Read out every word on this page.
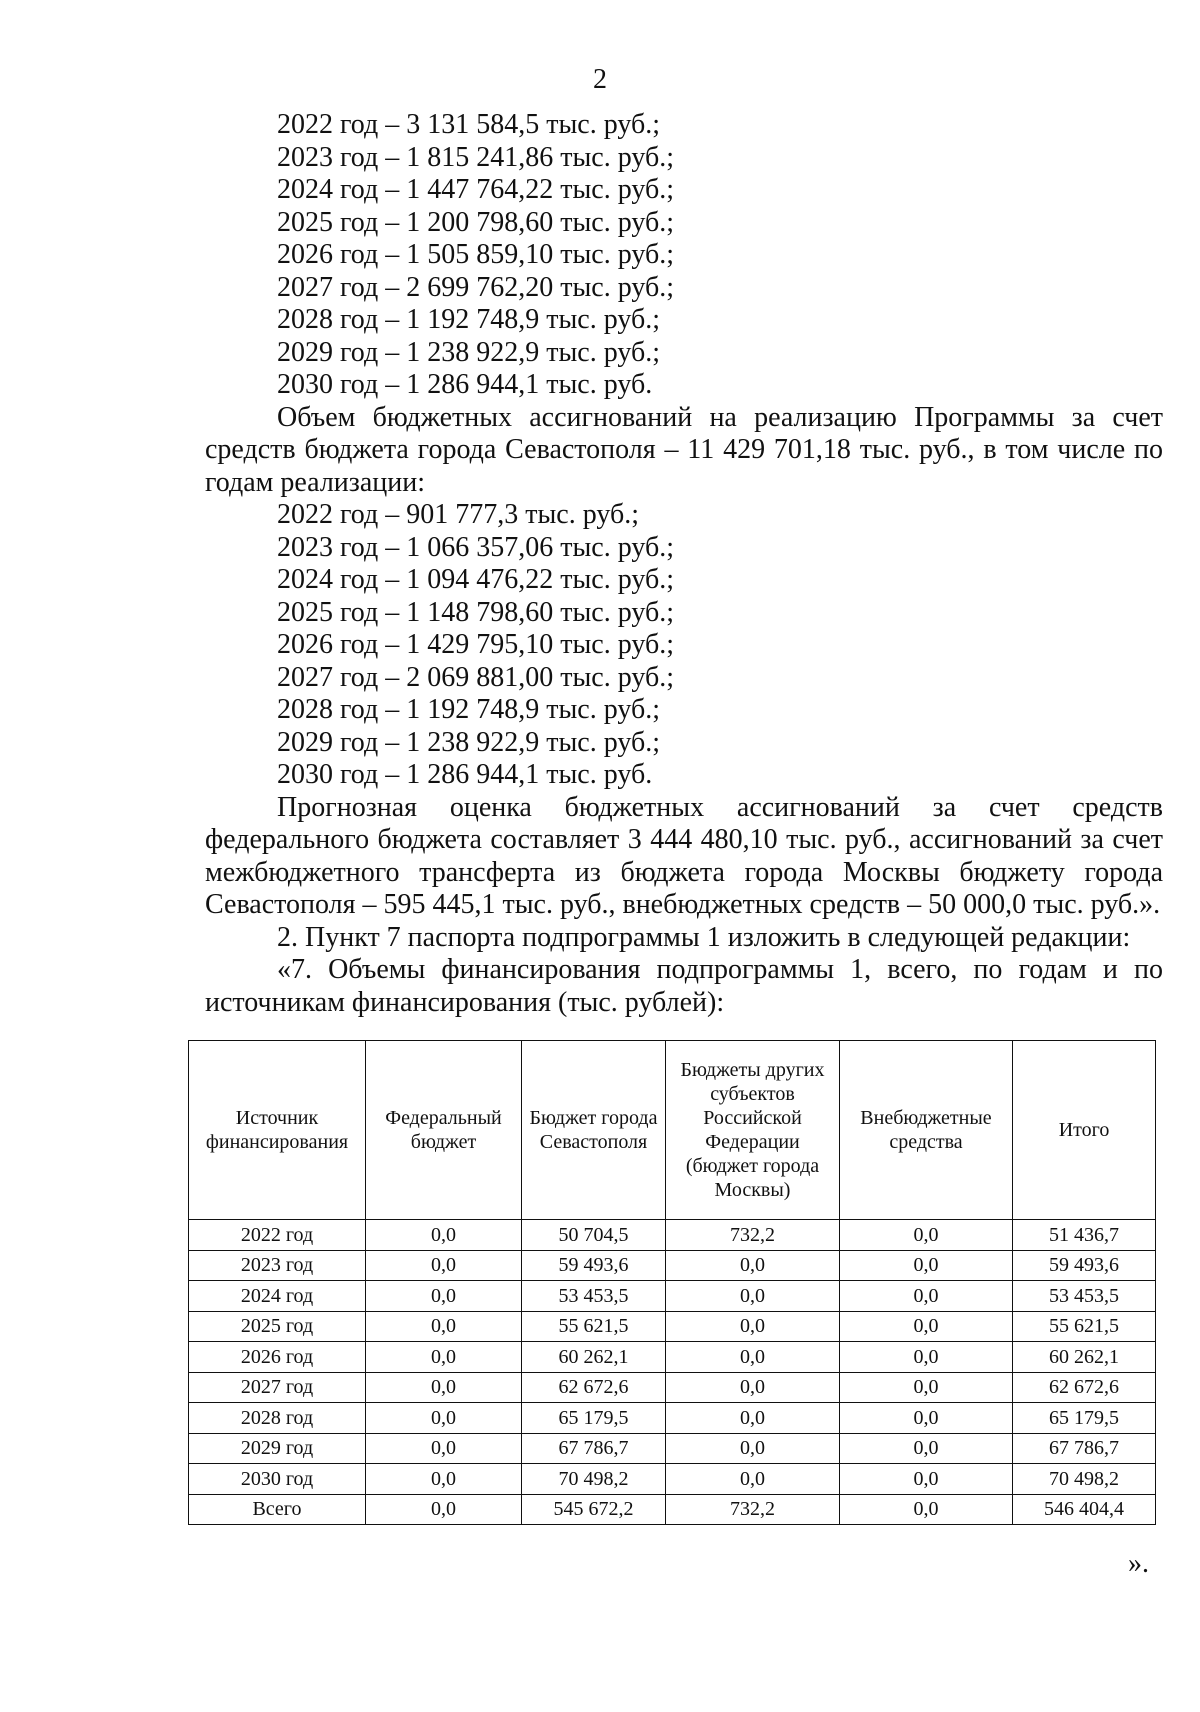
2
2022 год – 3 131 584,5 тыс. руб.;
2023 год – 1 815 241,86 тыс. руб.;
2024 год – 1 447 764,22 тыс. руб.;
2025 год – 1 200 798,60 тыс. руб.;
2026 год – 1 505 859,10 тыс. руб.;
2027 год – 2 699 762,20 тыс. руб.;
2028 год – 1 192 748,9 тыс. руб.;
2029 год – 1 238 922,9 тыс. руб.;
2030 год – 1 286 944,1 тыс. руб.
Объем бюджетных ассигнований на реализацию Программы за счет средств бюджета города Севастополя – 11 429 701,18 тыс. руб., в том числе по годам реализации:
2022 год – 901 777,3 тыс. руб.;
2023 год – 1 066 357,06 тыс. руб.;
2024 год – 1 094 476,22 тыс. руб.;
2025 год – 1 148 798,60 тыс. руб.;
2026 год – 1 429 795,10 тыс. руб.;
2027 год – 2 069 881,00 тыс. руб.;
2028 год – 1 192 748,9 тыс. руб.;
2029 год – 1 238 922,9 тыс. руб.;
2030 год – 1 286 944,1 тыс. руб.
Прогнозная оценка бюджетных ассигнований за счет средств федерального бюджета составляет 3 444 480,10 тыс. руб., ассигнований за счет межбюджетного трансферта из бюджета города Москвы бюджету города Севастополя – 595 445,1 тыс. руб., внебюджетных средств – 50 000,0 тыс. руб.».
2. Пункт 7 паспорта подпрограммы 1 изложить в следующей редакции:
«7. Объемы финансирования подпрограммы 1, всего, по годам и по источникам финансирования (тыс. рублей):
Источник финансирования	Федеральный бюджет	Бюджет города Севастополя	Бюджеты других субъектов Российской Федерации (бюджет города Москвы)	Внебюджетные средства	Итого
2022 год	0,0	50 704,5	732,2	0,0	51 436,7
2023 год	0,0	59 493,6	0,0	0,0	59 493,6
2024 год	0,0	53 453,5	0,0	0,0	53 453,5
2025 год	0,0	55 621,5	0,0	0,0	55 621,5
2026 год	0,0	60 262,1	0,0	0,0	60 262,1
2027 год	0,0	62 672,6	0,0	0,0	62 672,6
2028 год	0,0	65 179,5	0,0	0,0	65 179,5
2029 год	0,0	67 786,7	0,0	0,0	67 786,7
2030 год	0,0	70 498,2	0,0	0,0	70 498,2
Всего	0,0	545 672,2	732,2	0,0	546 404,4
».
